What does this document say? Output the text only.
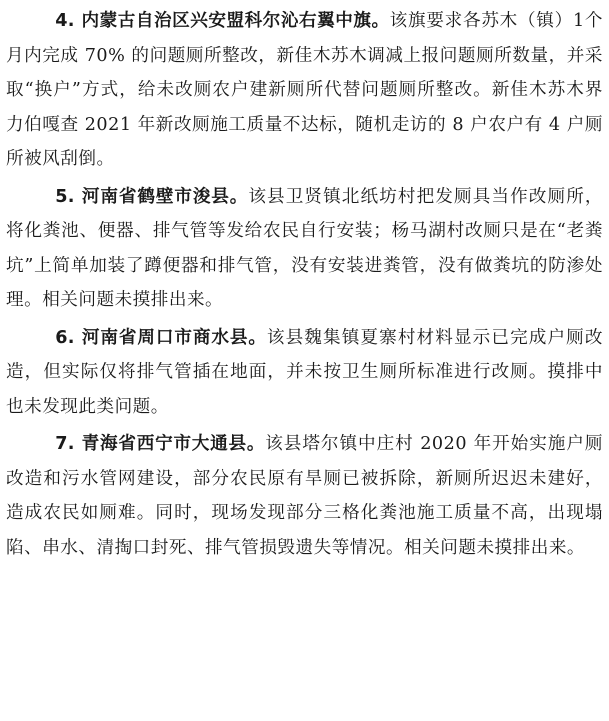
4. 内蒙古自治区兴安盟科尔沁右翼中旗。该旗要求各苏木（镇）1个月内完成 70% 的问题厕所整改，新佳木苏木调减上报问题厕所数量，并采取“换户”方式，给未改厕农户建新厕所代替问题厕所整改。新佳木苏木界力伯嘎查 2021 年新改厕施工质量不达标，随机走访的 8 户农户有 4 户厕所被风刮倒。

5. 河南省鹤壁市浚县。该县卫贤镇北纸坊村把发厕具当作改厕所，将化粪池、便器、排气管等发给农民自行安装；杨马湖村改厕只是在“老粪坑”上简单加装了蹲便器和排气管，没有安装进粪管，没有做粪坑的防渗处理。相关问题未摸排出来。

6. 河南省周口市商水县。该县魏集镇夏寨村材料显示已完成户厕改造，但实际仅将排气管插在地面，并未按卫生厕所标准进行改厕。摸排中也未发现此类问题。

7. 青海省西宁市大通县。该县塔尔镇中庄村 2020 年开始实施户厕改造和污水管网建设，部分农民原有旱厕已被拆除，新厕所迟迟未建好，造成农民如厕难。同时，现场发现部分三格化粪池施工质量不高，出现塌陷、串水、清掏口封死、排气管损毁遗失等情况。相关问题未摸排出来。
